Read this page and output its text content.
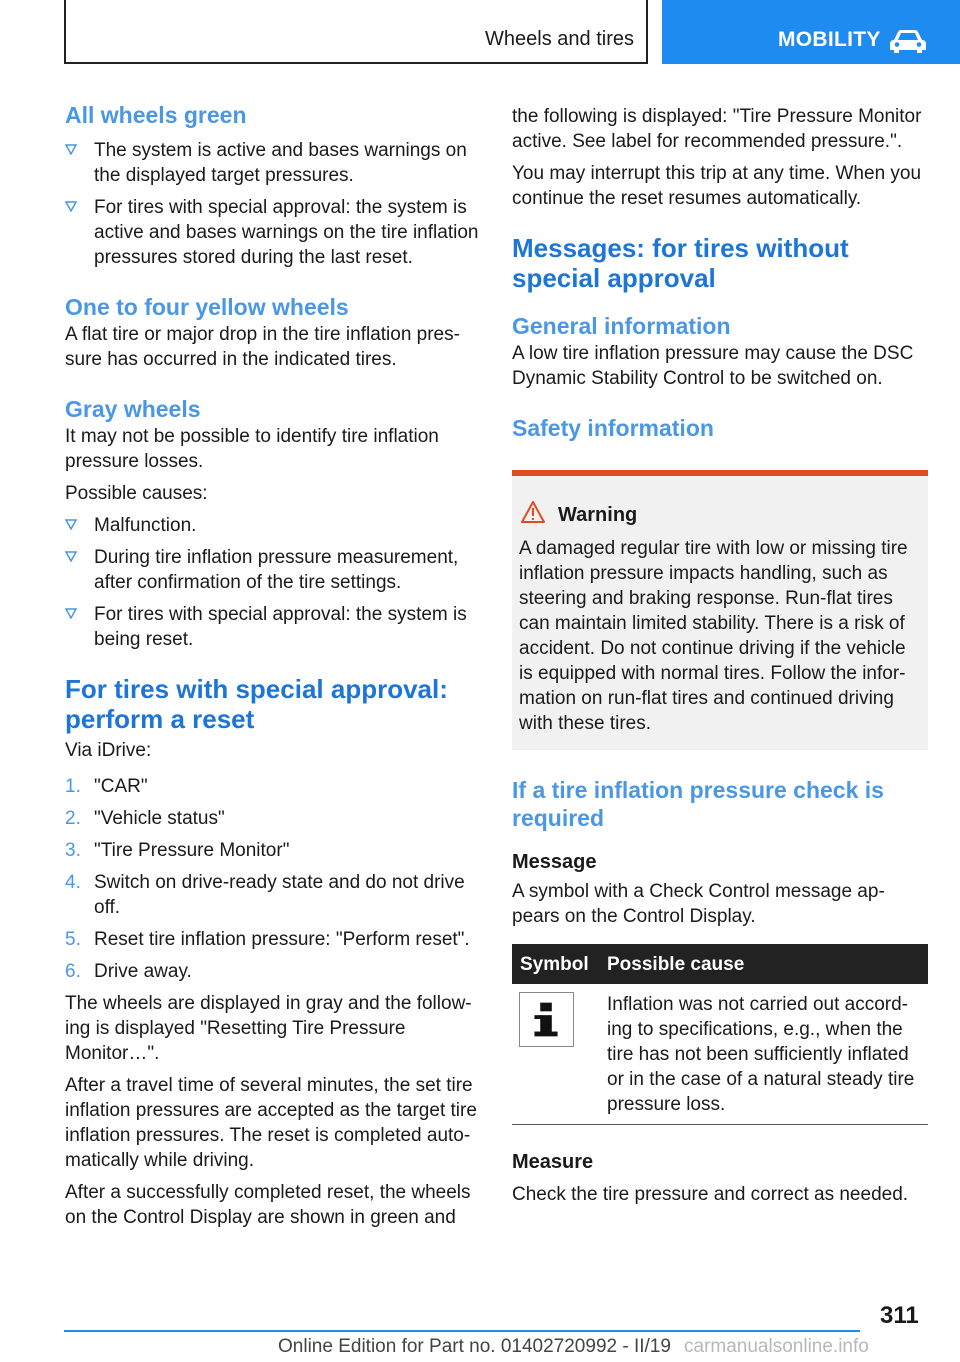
Wheels and tires	MOBILITY
All wheels green
The system is active and bases warnings on the displayed target pressures.
For tires with special approval: the system is active and bases warnings on the tire inflation pressures stored during the last reset.
One to four yellow wheels

A flat tire or major drop in the tire inflation pres‐ sure has occurred in the indicated tires.

Gray wheels

It may not be possible to identify tire inflation pressure losses.

Possible causes:

Malfunction.
During tire inflation pressure measurement, after confirmation of the tire settings.
For tires with special approval: the system is being reset.
For tires with special approval: perform a reset

Via iDrive:

1. "CAR"
2. "Vehicle status"
3. "Tire Pressure Monitor"
4. Switch on drive-ready state and do not drive off.
5. Reset tire inflation pressure: "Perform reset".
6. Drive away.

The wheels are displayed in gray and the follow‐ ing is displayed "Resetting Tire Pressure Monitor…".

After a travel time of several minutes, the set tire inflation pressures are accepted as the target tire inflation pressures. The reset is completed auto‐ matically while driving.

After a successfully completed reset, the wheels on the Control Display are shown in green and

the following is displayed: "Tire Pressure Monitor active. See label for recommended pressure.".

You may interrupt this trip at any time. When you continue the reset resumes automatically.

Messages: for tires without special approval
General information

A low tire inflation pressure may cause the DSC Dynamic Stability Control to be switched on.

Safety information
Warning
A damaged regular tire with low or missing tire inflation pressure impacts handling, such as steering and braking response. Run-flat tires can maintain limited stability. There is a risk of accident. Do not continue driving if the vehicle is equipped with normal tires. Follow the infor‐ mation on run-flat tires and continued driving with these tires.
If a tire inflation pressure check is required

Message

A symbol with a Check Control message ap‐ pears on the Control Display.

Symbol Possible cause
Inflation was not carried out accord‐ ing to specifications, e.g., when the tire has not been sufficiently inflated or in the case of a natural steady tire pressure loss.

Measure

Check the tire pressure and correct as needed.

311
Online Edition for Part no. 01402720992 - II/19 carmanualsonline.info
